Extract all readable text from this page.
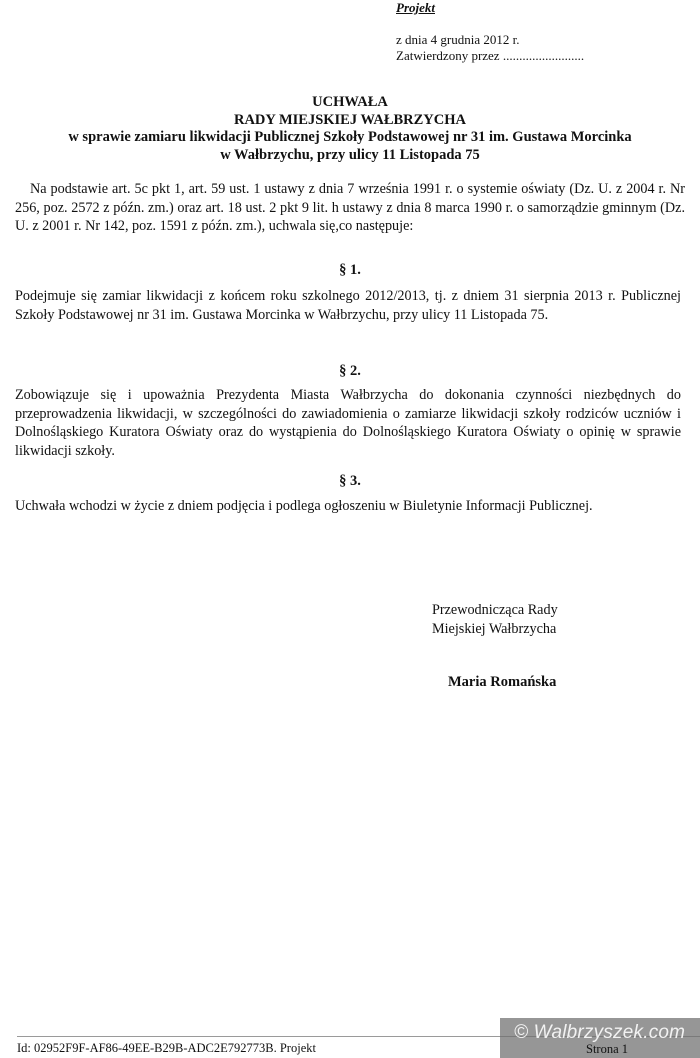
Projekt
z dnia 4 grudnia 2012 r.
Zatwierdzony przez .........................
UCHWAŁA
RADY MIEJSKIEJ WAŁBRZYCHA
w sprawie zamiaru likwidacji Publicznej Szkoły Podstawowej nr 31 im. Gustawa Morcinka
w Wałbrzychu, przy ulicy 11 Listopada 75
Na podstawie art. 5c pkt 1, art. 59 ust. 1 ustawy z dnia 7 września 1991 r. o systemie oświaty (Dz. U. z 2004 r. Nr 256, poz. 2572 z późn. zm.) oraz art. 18 ust. 2 pkt 9 lit. h ustawy z dnia 8 marca 1990 r. o samorządzie gminnym (Dz. U. z 2001 r. Nr 142, poz. 1591 z późn. zm.), uchwala się,co następuje:
§ 1.
Podejmuje się zamiar likwidacji z końcem roku szkolnego 2012/2013, tj. z dniem 31 sierpnia 2013 r. Publicznej Szkoły Podstawowej nr 31 im. Gustawa Morcinka w Wałbrzychu, przy ulicy 11 Listopada 75.
§ 2.
Zobowiązuje się i upoważnia Prezydenta Miasta Wałbrzycha do dokonania czynności niezbędnych do przeprowadzenia likwidacji, w szczególności do zawiadomienia o zamiarze likwidacji szkoły rodziców uczniów i Dolnośląskiego Kuratora Oświaty oraz do wystąpienia do Dolnośląskiego Kuratora Oświaty o opinię w sprawie likwidacji szkoły.
§ 3.
Uchwała wchodzi w życie z dniem podjęcia i podlega ogłoszeniu w Biuletynie Informacji Publicznej.
Przewodnicząca Rady
Miejskiej Wałbrzycha
Maria Romańska
Id: 02952F9F-AF86-49EE-B29B-ADC2E792773B. Projekt
© Walbrzyszek.com
Strona 1
